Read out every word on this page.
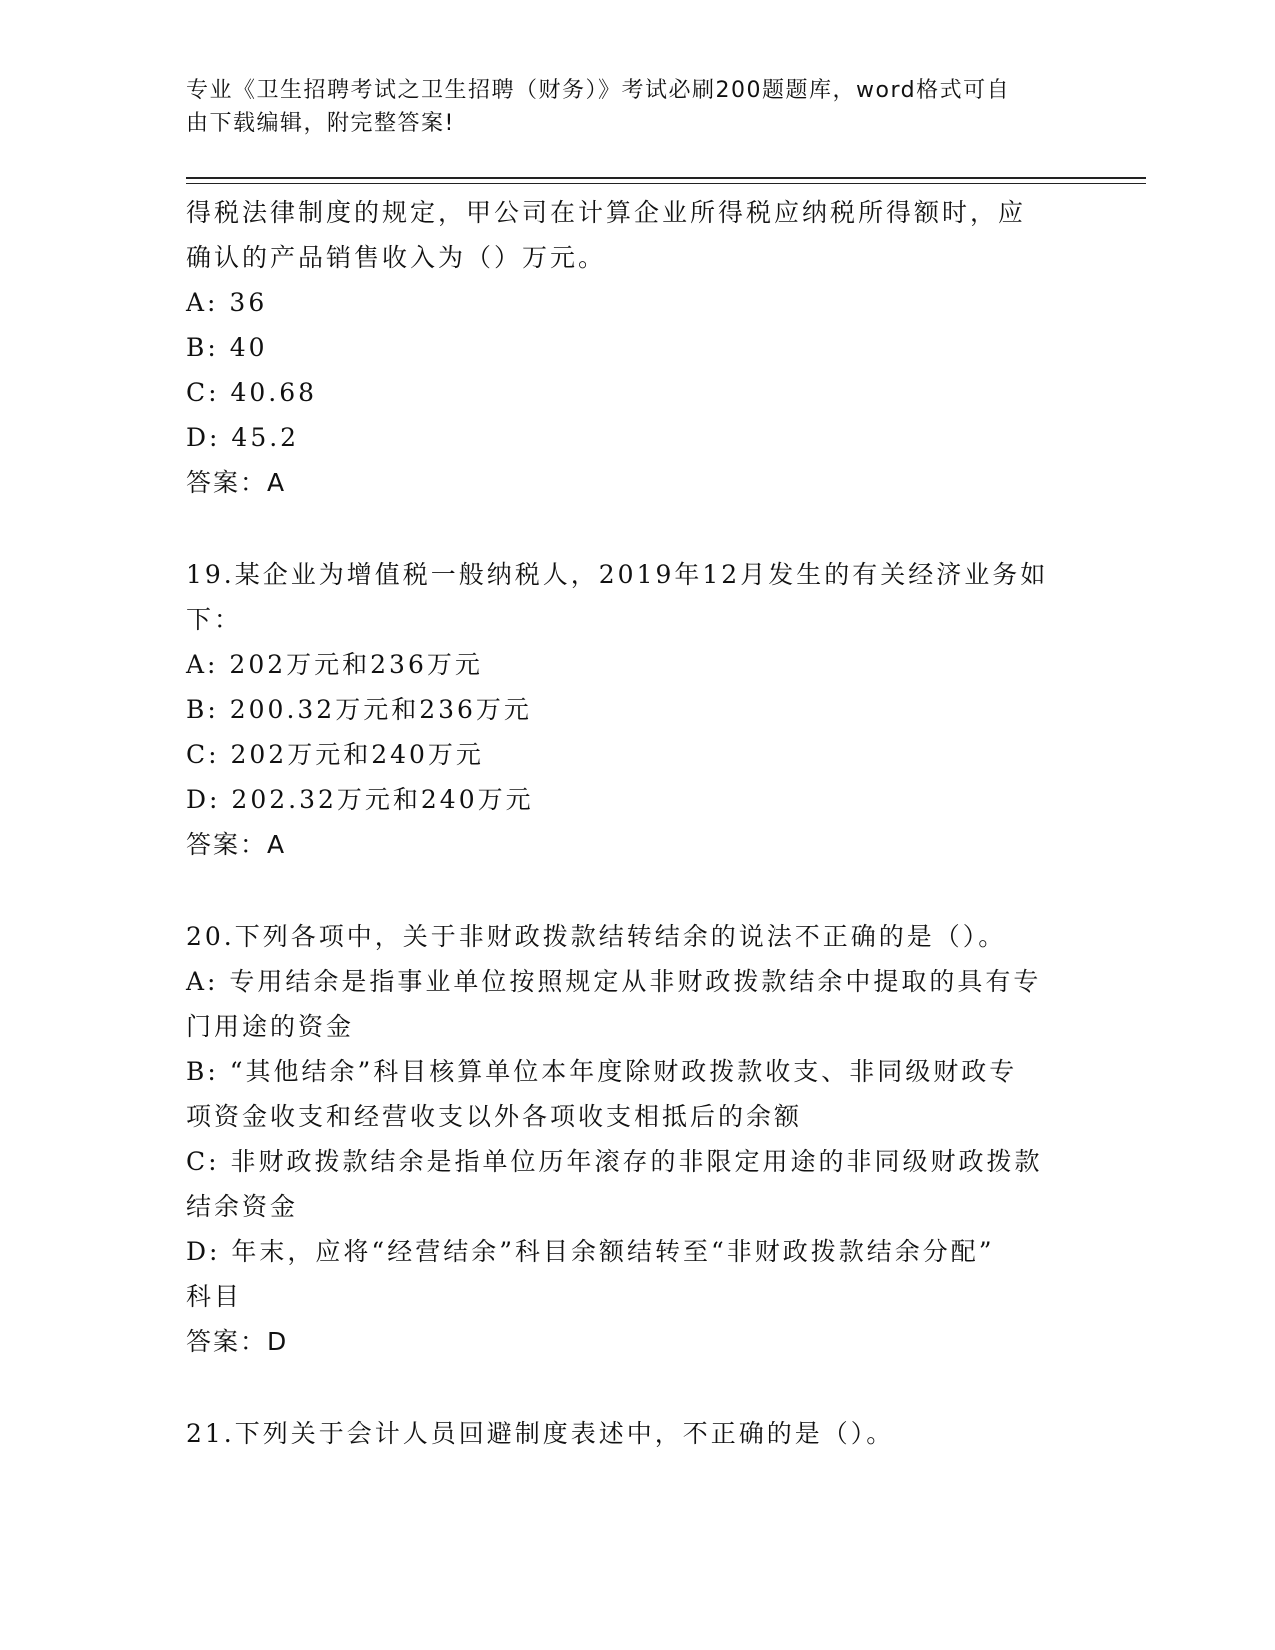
专业《卫生招聘考试之卫生招聘（财务）》考试必刷200题题库，word格式可自
由下载编辑，附完整答案!
得税法律制度的规定，甲公司在计算企业所得税应纳税所得额时，应
确认的产品销售收入为（）万元。
A: 36
B: 40
C: 40.68
D: 45.2
答案：A
19.某企业为增值税一般纳税人，2019年12月发生的有关经济业务如
下：
A: 202万元和236万元
B: 200.32万元和236万元
C: 202万元和240万元
D: 202.32万元和240万元
答案：A
20.下列各项中，关于非财政拨款结转结余的说法不正确的是（）。
A: 专用结余是指事业单位按照规定从非财政拨款结余中提取的具有专
门用途的资金
B: “其他结余”科目核算单位本年度除财政拨款收支、非同级财政专
项资金收支和经营收支以外各项收支相抵后的余额
C: 非财政拨款结余是指单位历年滚存的非限定用途的非同级财政拨款
结余资金
D: 年末，应将“经营结余”科目余额结转至“非财政拨款结余分配”
科目
答案：D
21.下列关于会计人员回避制度表述中，不正确的是（）。
